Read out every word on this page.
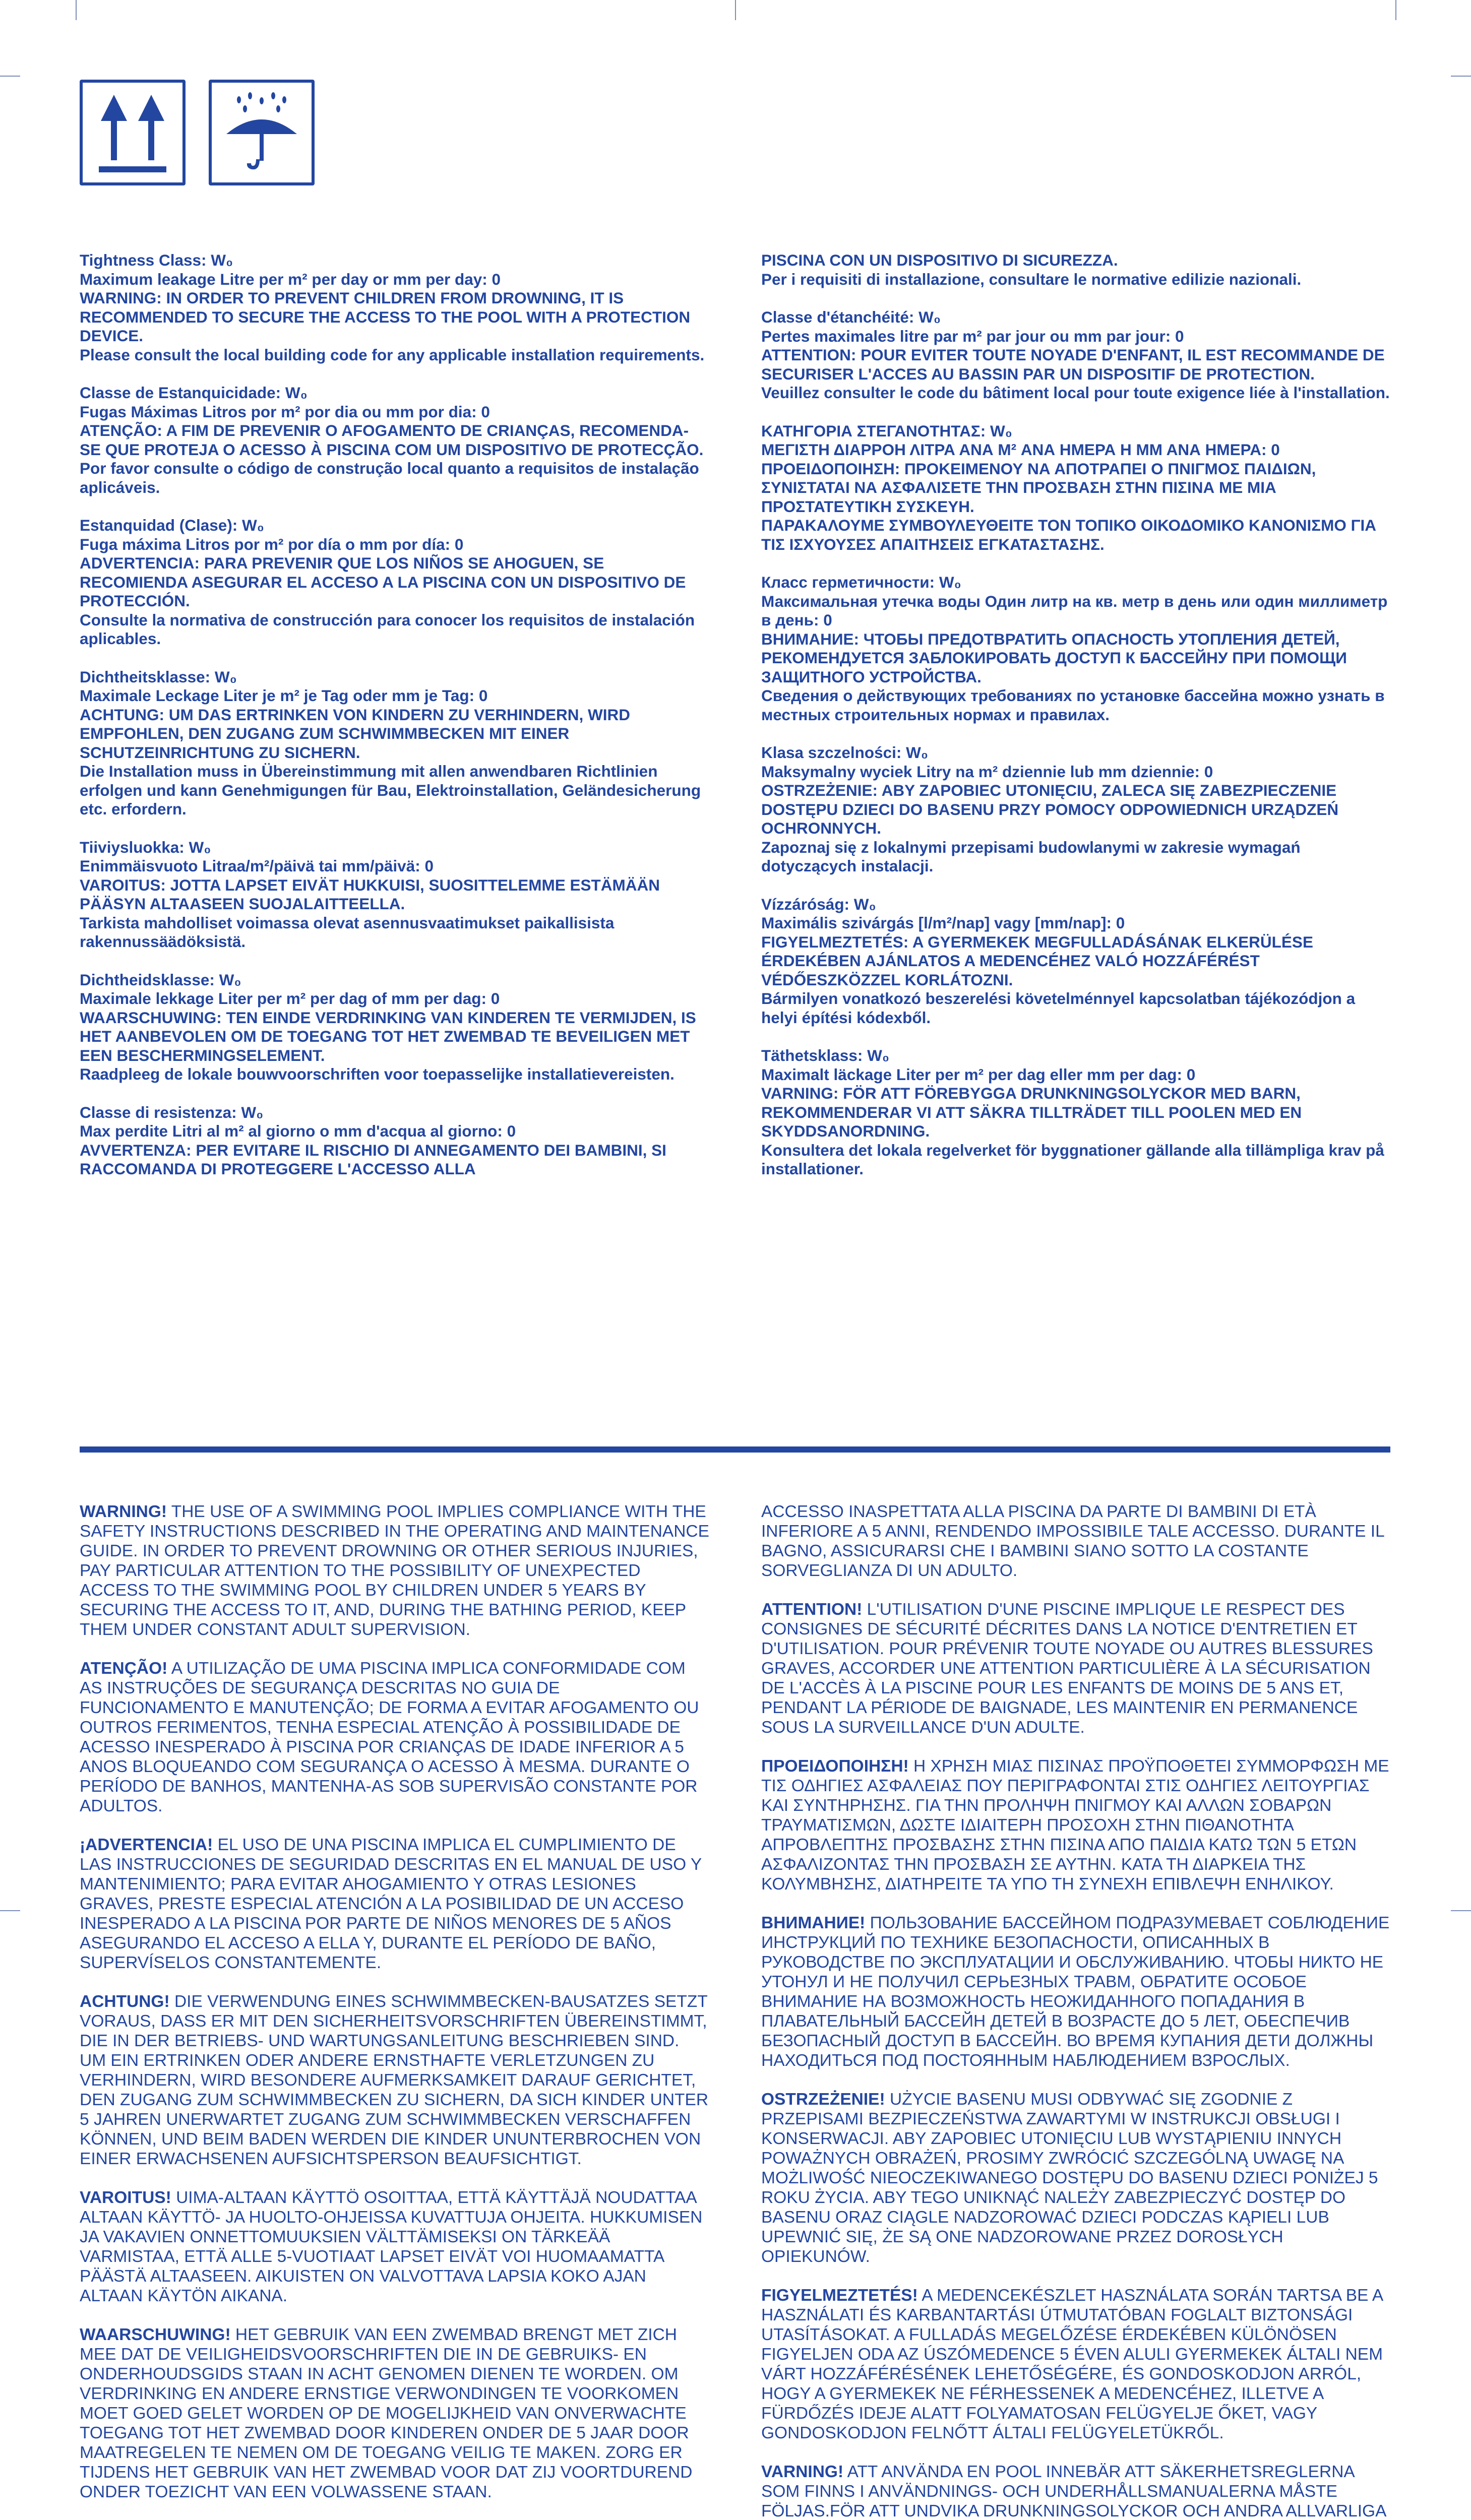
Tightness Class: W₀
Maximum leakage Litre per m² per day or mm per day: 0
WARNING: IN ORDER TO PREVENT CHILDREN FROM DROWNING, IT IS RECOMMENDED TO SECURE THE ACCESS TO THE POOL WITH A PROTECTION DEVICE.
Please consult the local building code for any applicable installation requirements.

Classe de Estanquicidade: W₀
Fugas Máximas Litros por m² por dia ou mm por dia: 0
ATENÇÃO: A FIM DE PREVENIR O AFOGAMENTO DE CRIANÇAS, RECOMENDA-SE QUE PROTEJA O ACESSO À PISCINA COM UM DISPOSITIVO DE PROTECÇÃO.
Por favor consulte o código de construção local quanto a requisitos de instalação aplicáveis.

Estanquidad (Clase): W₀
Fuga máxima Litros por m² por día o mm por día: 0
ADVERTENCIA: PARA PREVENIR QUE LOS NIÑOS SE AHOGUEN, SE RECOMIENDA ASEGURAR EL ACCESO A LA PISCINA CON UN DISPOSITIVO DE PROTECCIÓN.
Consulte la normativa de construcción para conocer los requisitos de instalación aplicables.

Dichtheitsklasse: W₀
Maximale Leckage Liter je m² je Tag oder mm je Tag: 0
ACHTUNG: UM DAS ERTRINKEN VON KINDERN ZU VERHINDERN, WIRD EMPFOHLEN, DEN ZUGANG ZUM SCHWIMMBECKEN MIT EINER SCHUTZEINRICHTUNG ZU SICHERN.
Die Installation muss in Übereinstimmung mit allen anwendbaren Richtlinien erfolgen und kann Genehmigungen für Bau, Elektroinstallation, Geländesicherung etc. erfordern.

Tiiviysluokka: W₀
Enimmäisvuoto Litraa/m²/päivä tai mm/päivä: 0
VAROITUS: JOTTA LAPSET EIVÄT HUKKUISI, SUOSITTELEMME ESTÄMÄÄN PÄÄSYN ALTAASEEN SUOJALAITTEELLA.
Tarkista mahdolliset voimassa olevat asennusvaatimukset paikallisista rakennussäädöksistä.

Dichtheidsklasse: W₀
Maximale lekkage Liter per m² per dag of mm per dag: 0
WAARSCHUWING: TEN EINDE VERDRINKING VAN KINDEREN TE VERMIJDEN, IS HET AANBEVOLEN OM DE TOEGANG TOT HET ZWEMBAD TE BEVEILIGEN MET EEN BESCHERMINGSELEMENT.
Raadpleeg de lokale bouwvoorschriften voor toepasselijke installatievereisten.

Classe di resistenza: W₀
Max perdite Litri al m² al giorno o mm d'acqua al giorno: 0
AVVERTENZA: PER EVITARE IL RISCHIO DI ANNEGAMENTO DEI BAMBINI, SI RACCOMANDA DI PROTEGGERE L'ACCESSO ALLA

PISCINA CON UN DISPOSITIVO DI SICUREZZA.
Per i requisiti di installazione, consultare le normative edilizie nazionali.

Classe d'étanchéité: W₀
Pertes maximales litre par m² par jour ou mm par jour: 0
ATTENTION: POUR EVITER TOUTE NOYADE D'ENFANT, IL EST RECOMMANDE DE SECURISER L'ACCES AU BASSIN PAR UN DISPOSITIF DE PROTECTION.
Veuillez consulter le code du bâtiment local pour toute exigence liée à l'installation.

ΚΑΤΗΓΟΡΙΑ ΣΤΕΓΑΝΟΤΗΤΑΣ: W₀
ΜΕΓΙΣΤΗ ΔΙΑΡΡΟΗ ΛΙΤΡΑ ΑΝΑ M² ΑΝΑ ΗΜΕΡΑ Η ΜΜ ΑΝΑ ΗΜΕΡΑ: 0
ΠΡΟΕΙΔΟΠΟΙΗΣΗ: ΠΡΟΚΕΙΜΕΝΟΥ ΝΑ ΑΠΟΤΡΑΠΕΙ Ο ΠΝΙΓΜΟΣ ΠΑΙΔΙΩΝ, ΣΥΝΙΣΤΑΤΑΙ ΝΑ ΑΣΦΑΛΙΣΕΤΕ ΤΗΝ ΠΡΟΣΒΑΣΗ ΣΤΗΝ ΠΙΣΙΝΑ ΜΕ ΜΙΑ ΠΡΟΣΤΑΤΕΥΤΙΚΗ ΣΥΣΚΕΥΗ.
ΠΑΡΑΚΑΛΟΥΜΕ ΣΥΜΒΟΥΛΕΥΘΕΙΤΕ ΤΟΝ ΤΟΠΙΚΟ ΟΙΚΟΔΟΜΙΚΟ ΚΑΝΟΝΙΣΜΟ ΓΙΑ ΤΙΣ ΙΣΧΥΟΥΣΕΣ ΑΠΑΙΤΗΣΕΙΣ ΕΓΚΑΤΑΣΤΑΣΗΣ.

Класс герметичности: W₀
Максимальная утечка воды Один литр на кв. метр в день или один миллиметр в день: 0
ВНИМАНИЕ: ЧТОБЫ ПРЕДОТВРАТИТЬ ОПАСНОСТЬ УТОПЛЕНИЯ ДЕТЕЙ, РЕКОМЕНДУЕТСЯ ЗАБЛОКИРОВАТЬ ДОСТУП К БАССЕЙНУ ПРИ ПОМОЩИ ЗАЩИТНОГО УСТРОЙСТВА.
Сведения о действующих требованиях по установке бассейна можно узнать в местных строительных нормах и правилах.

Klasa szczelności: W₀
Maksymalny wyciek Litry na m² dziennie lub mm dziennie: 0
OSTRZEŻENIE: ABY ZAPOBIEC UTONIĘCIU, ZALECA SIĘ ZABEZPIECZENIE DOSTĘPU DZIECI DO BASENU PRZY POMOCY ODPOWIEDNICH URZĄDZEŃ OCHRONNYCH.
Zapoznaj się z lokalnymi przepisami budowlanymi w zakresie wymagań dotyczących instalacji.

Vízzáróság: W₀
Maximális szivárgás [l/m²/nap] vagy [mm/nap]: 0
FIGYELMEZTETÉS: A GYERMEKEK MEGFULLADÁSÁNAK ELKERÜLÉSE ÉRDEKÉBEN AJÁNLATOS A MEDENCÉHEZ VALÓ HOZZÁFÉRÉST VÉDŐESZKÖZZEL KORLÁTOZNI.
Bármilyen vonatkozó beszerelési követelménnyel kapcsolatban tájékozódjon a helyi építési kódexből.

Täthetsklass: W₀
Maximalt läckage Liter per m² per dag eller mm per dag: 0
VARNING: FÖR ATT FÖREBYGGA DRUNKNINGSOLYCKOR MED BARN, REKOMMENDERAR VI ATT SÄKRA TILLTRÄDET TILL POOLEN MED EN SKYDDSANORDNING.
Konsultera det lokala regelverket för byggnationer gällande alla tillämpliga krav på installationer.

WARNING! THE USE OF A SWIMMING POOL IMPLIES COMPLIANCE WITH THE SAFETY INSTRUCTIONS DESCRIBED IN THE OPERATING AND MAINTENANCE GUIDE. IN ORDER TO PREVENT DROWNING OR OTHER SERIOUS INJURIES, PAY PARTICULAR ATTENTION TO THE POSSIBILITY OF UNEXPECTED ACCESS TO THE SWIMMING POOL BY CHILDREN UNDER 5 YEARS BY SECURING THE ACCESS TO IT, AND, DURING THE BATHING PERIOD, KEEP THEM UNDER CONSTANT ADULT SUPERVISION.

ATENÇÃO! A UTILIZAÇÃO DE UMA PISCINA IMPLICA CONFORMIDADE COM AS INSTRUÇÕES DE SEGURANÇA DESCRITAS NO GUIA DE FUNCIONAMENTO E MANUTENÇÃO; DE FORMA A EVITAR AFOGAMENTO OU OUTROS FERIMENTOS, TENHA ESPECIAL ATENÇÃO À POSSIBILIDADE DE ACESSO INESPERADO À PISCINA POR CRIANÇAS DE IDADE INFERIOR A 5 ANOS BLOQUEANDO COM SEGURANÇA O ACESSO À MESMA. DURANTE O PERÍODO DE BANHOS, MANTENHA-AS SOB SUPERVISÃO CONSTANTE POR ADULTOS.

¡ADVERTENCIA! EL USO DE UNA PISCINA IMPLICA EL CUMPLIMIENTO DE LAS INSTRUCCIONES DE SEGURIDAD DESCRITAS EN EL MANUAL DE USO Y MANTENIMIENTO; PARA EVITAR AHOGAMIENTO Y OTRAS LESIONES GRAVES, PRESTE ESPECIAL ATENCIÓN A LA POSIBILIDAD DE UN ACCESO INESPERADO A LA PISCINA POR PARTE DE NIÑOS MENORES DE 5 AÑOS ASEGURANDO EL ACCESO A ELLA Y, DURANTE EL PERÍODO DE BAÑO, SUPERVÍSELOS CONSTANTEMENTE.

ACHTUNG! DIE VERWENDUNG EINES SCHWIMMBECKEN-BAUSATZES SETZT VORAUS, DASS ER MIT DEN SICHERHEITSVORSCHRIFTEN ÜBEREINSTIMMT, DIE IN DER BETRIEBS- UND WARTUNGSANLEITUNG BESCHRIEBEN SIND. UM EIN ERTRINKEN ODER ANDERE ERNSTHAFTE VERLETZUNGEN ZU VERHINDERN, WIRD BESONDERE AUFMERKSAMKEIT DARAUF GERICHTET, DEN ZUGANG ZUM SCHWIMMBECKEN ZU SICHERN, DA SICH KINDER UNTER 5 JAHREN UNERWARTET ZUGANG ZUM SCHWIMMBECKEN VERSCHAFFEN KÖNNEN, UND BEIM BADEN WERDEN DIE KINDER UNUNTERBROCHEN VON EINER ERWACHSENEN AUFSICHTSPERSON BEAUFSICHTIGT.

VAROITUS! UIMA-ALTAAN KÄYTTÖ OSOITTAA, ETTÄ KÄYTTÄJÄ NOUDATTAA ALTAAN KÄYTTÖ- JA HUOLTO-OHJEISSA KUVATTUJA OHJEITA. HUKKUMISEN JA VAKAVIEN ONNETTOMUUKSIEN VÄLTTÄMISEKSI ON TÄRKEÄÄ VARMISTAA, ETTÄ ALLE 5-VUOTIAAT LAPSET EIVÄT VOI HUOMAAMATTA PÄÄSTÄ ALTAASEEN. AIKUISTEN ON VALVOTTAVA LAPSIA KOKO AJAN ALTAAN KÄYTÖN AIKANA.

WAARSCHUWING! HET GEBRUIK VAN EEN ZWEMBAD BRENGT MET ZICH MEE DAT DE VEILIGHEIDSVOORSCHRIFTEN DIE IN DE GEBRUIKS- EN ONDERHOUDSGIDS STAAN IN ACHT GENOMEN DIENEN TE WORDEN. OM VERDRINKING EN ANDERE ERNSTIGE VERWONDINGEN TE VOORKOMEN MOET GOED GELET WORDEN OP DE MOGELIJKHEID VAN ONVERWACHTE TOEGANG TOT HET ZWEMBAD DOOR KINDEREN ONDER DE 5 JAAR DOOR MAATREGELEN TE NEMEN OM DE TOEGANG VEILIG TE MAKEN. ZORG ER TIJDENS HET GEBRUIK VAN HET ZWEMBAD VOOR DAT ZIJ VOORTDUREND ONDER TOEZICHT VAN EEN VOLWASSENE STAAN.

ACCESSO INASPETTATA ALLA PISCINA DA PARTE DI BAMBINI DI ETÀ INFERIORE A 5 ANNI, RENDENDO IMPOSSIBILE TALE ACCESSO. DURANTE IL BAGNO, ASSICURARSI CHE I BAMBINI SIANO SOTTO LA COSTANTE SORVEGLIANZA DI UN ADULTO.

ATTENTION! L'UTILISATION D'UNE PISCINE IMPLIQUE LE RESPECT DES CONSIGNES DE SÉCURITÉ DÉCRITES DANS LA NOTICE D'ENTRETIEN ET D'UTILISATION. POUR PRÉVENIR TOUTE NOYADE OU AUTRES BLESSURES GRAVES, ACCORDER UNE ATTENTION PARTICULIÈRE À LA SÉCURISATION DE L'ACCÈS À LA PISCINE POUR LES ENFANTS DE MOINS DE 5 ANS ET, PENDANT LA PÉRIODE DE BAIGNADE, LES MAINTENIR EN PERMANENCE SOUS LA SURVEILLANCE D'UN ADULTE.

ΠΡΟΕΙΔΟΠΟΙΗΣΗ! Η ΧΡΗΣΗ ΜΙΑΣ ΠΙΣΙΝΑΣ ΠΡΟΫΠΟΘΕΤΕΙ ΣΥΜΜΟΡΦΩΣΗ ΜΕ ΤΙΣ ΟΔΗΓΙΕΣ ΑΣΦΑΛΕΙΑΣ ΠΟΥ ΠΕΡΙΓΡΑΦΟΝΤΑΙ ΣΤΙΣ ΟΔΗΓΙΕΣ ΛΕΙΤΟΥΡΓΙΑΣ ΚΑΙ ΣΥΝΤΗΡΗΣΗΣ. ΓΙΑ ΤΗΝ ΠΡΟΛΗΨΗ ΠΝΙΓΜΟΥ ΚΑΙ ΑΛΛΩΝ ΣΟΒΑΡΩΝ ΤΡΑΥΜΑΤΙΣΜΩΝ, ΔΩΣΤΕ ΙΔΙΑΙΤΕΡΗ ΠΡΟΣΟΧΗ ΣΤΗΝ ΠΙΘΑΝΟΤΗΤΑ ΑΠΡΟΒΛΕΠΤΗΣ ΠΡΟΣΒΑΣΗΣ ΣΤΗΝ ΠΙΣΙΝΑ ΑΠΟ ΠΑΙΔΙΑ ΚΑΤΩ ΤΩΝ 5 ΕΤΩΝ ΑΣΦΑΛΙΖΟΝΤΑΣ ΤΗΝ ΠΡΟΣΒΑΣΗ ΣΕ ΑΥΤΗΝ. ΚΑΤΑ ΤΗ ΔΙΑΡΚΕΙΑ ΤΗΣ ΚΟΛΥΜΒΗΣΗΣ, ΔΙΑΤΗΡΕΙΤΕ ΤΑ ΥΠΟ ΤΗ ΣΥΝΕΧΗ ΕΠΙΒΛΕΨΗ ΕΝΗΛΙΚΟΥ.

ВНИМАНИЕ! ПОЛЬЗОВАНИЕ БАССЕЙНОМ ПОДРАЗУМЕВАЕТ СОБЛЮДЕНИЕ ИНСТРУКЦИЙ ПО ТЕХНИКЕ БЕЗОПАСНОСТИ, ОПИСАННЫХ В РУКОВОДСТВЕ ПО ЭКСПЛУАТАЦИИ И ОБСЛУЖИВАНИЮ. ЧТОБЫ НИКТО НЕ УТОНУЛ И НЕ ПОЛУЧИЛ СЕРЬЕЗНЫХ ТРАВМ, ОБРАТИТЕ ОСОБОЕ ВНИМАНИЕ НА ВОЗМОЖНОСТЬ НЕОЖИДАННОГО ПОПАДАНИЯ В ПЛАВАТЕЛЬНЫЙ БАССЕЙН ДЕТЕЙ В ВОЗРАСТЕ ДО 5 ЛЕТ, ОБЕСПЕЧИВ БЕЗОПАСНЫЙ ДОСТУП В БАССЕЙН. ВО ВРЕМЯ КУПАНИЯ ДЕТИ ДОЛЖНЫ НАХОДИТЬСЯ ПОД ПОСТОЯННЫМ НАБЛЮДЕНИЕМ ВЗРОСЛЫХ.

OSTRZEŻENIE! UŻYCIE BASENU MUSI ODBYWAĆ SIĘ ZGODNIE Z PRZEPISAMI BEZPIECZEŃSTWA ZAWARTYMI W INSTRUKCJI OBSŁUGI I KONSERWACJI. ABY ZAPOBIEC UTONIĘCIU LUB WYSTĄPIENIU INNYCH POWAŻNYCH OBRAŻEŃ, PROSIMY ZWRÓCIĆ SZCZEGÓLNĄ UWAGĘ NA MOŻLIWOŚĆ NIEOCZEKIWANEGO DOSTĘPU DO BASENU DZIECI PONIŻEJ 5 ROKU ŻYCIA. ABY TEGO UNIKNĄĆ NALEŻY ZABEZPIECZYĆ DOSTĘP DO BASENU ORAZ CIĄGLE NADZOROWAĆ DZIECI PODCZAS KĄPIELI LUB UPEWNIĆ SIĘ, ŻE SĄ ONE NADZOROWANE PRZEZ DOROSŁYCH OPIEKUNÓW.

FIGYELMEZTETÉS! A MEDENCEKÉSZLET HASZNÁLATA SORÁN TARTSA BE A HASZNÁLATI ÉS KARBANTARTÁSI ÚTMUTATÓBAN FOGLALT BIZTONSÁGI UTASÍTÁSOKAT. A FULLADÁS MEGELŐZÉSE ÉRDEKÉBEN KÜLÖNÖSEN FIGYELJEN ODA AZ ÚSZÓMEDENCE 5 ÉVEN ALULI GYERMEKEK ÁLTALI NEM VÁRT HOZZÁFÉRÉSÉNEK LEHETŐSÉGÉRE, ÉS GONDOSKODJON ARRÓL, HOGY A GYERMEKEK NE FÉRHESSENEK A MEDENCÉHEZ, ILLETVE A FÜRDŐZÉS IDEJE ALATT FOLYAMATOSAN FELÜGYELJE ŐKET, VAGY GONDOSKODJON FELNŐTT ÁLTALI FELÜGYELETÜKRŐL.

VARNING! ATT ANVÄNDA EN POOL INNEBÄR ATT SÄKERHETSREGLERNA SOM FINNS I ANVÄNDNINGS- OCH UNDERHÅLLSMANUALERNA MÅSTE FÖLJAS.FÖR ATT UNDVIKA DRUNKNINGSOLYCKOR OCH ANDRA ALLVARLIGA
